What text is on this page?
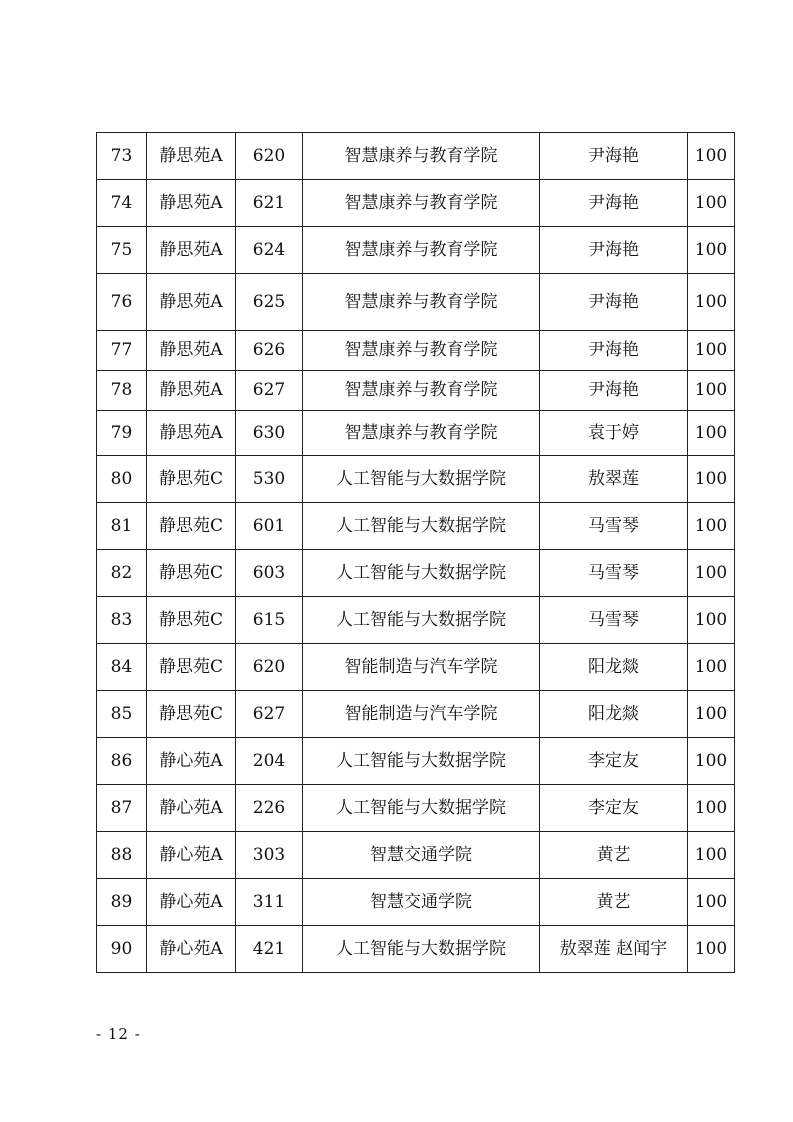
73	静思苑A	620	智慧康养与教育学院	尹海艳	100
74	静思苑A	621	智慧康养与教育学院	尹海艳	100
75	静思苑A	624	智慧康养与教育学院	尹海艳	100
76	静思苑A	625	智慧康养与教育学院	尹海艳	100
77	静思苑A	626	智慧康养与教育学院	尹海艳	100
78	静思苑A	627	智慧康养与教育学院	尹海艳	100
79	静思苑A	630	智慧康养与教育学院	袁于婷	100
80	静思苑C	530	人工智能与大数据学院	敖翠莲	100
81	静思苑C	601	人工智能与大数据学院	马雪琴	100
82	静思苑C	603	人工智能与大数据学院	马雪琴	100
83	静思苑C	615	人工智能与大数据学院	马雪琴	100
84	静思苑C	620	智能制造与汽车学院	阳龙燚	100
85	静思苑C	627	智能制造与汽车学院	阳龙燚	100
86	静心苑A	204	人工智能与大数据学院	李定友	100
87	静心苑A	226	人工智能与大数据学院	李定友	100
88	静心苑A	303	智慧交通学院	黄艺	100
89	静心苑A	311	智慧交通学院	黄艺	100
90	静心苑A	421	人工智能与大数据学院	敖翠莲 赵闻宇	100
- 12 -
